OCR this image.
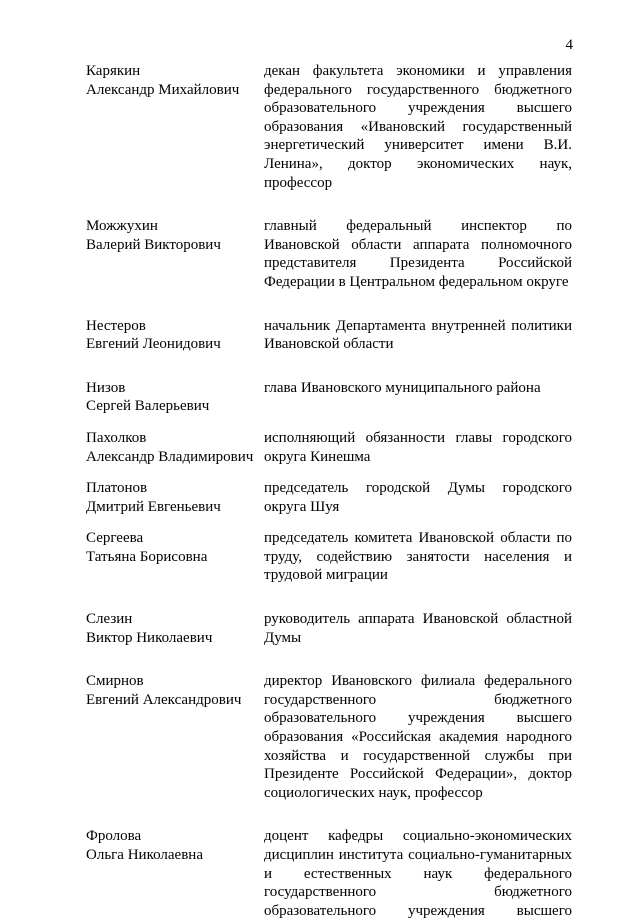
4
Карякин
Александр Михайлович
декан факультета экономики и управления федерального государственного бюджетного образовательного учреждения высшего образования «Ивановский государственный энергетический университет имени В.И. Ленина», доктор экономических наук, профессор
Можжухин
Валерий Викторович
главный федеральный инспектор по Ивановской области аппарата полномочного представителя Президента Российской Федерации в Центральном федеральном округе
Нестеров
Евгений Леонидович
начальник Департамента внутренней политики Ивановской области
Низов
Сергей Валерьевич
глава Ивановского муниципального района
Пахолков
Александр Владимирович
исполняющий обязанности главы городского округа Кинешма
Платонов
Дмитрий Евгеньевич
председатель городской Думы городского округа Шуя
Сергеева
Татьяна Борисовна
председатель комитета Ивановской области по труду, содействию занятости населения и трудовой миграции
Слезин
Виктор Николаевич
руководитель аппарата Ивановской областной Думы
Смирнов
Евгений Александрович
директор Ивановского филиала федерального государственного бюджетного образовательного учреждения высшего образования «Российская академия народного хозяйства и государственной службы при Президенте Российской Федерации», доктор социологических наук, профессор
Фролова
Ольга Николаевна
доцент кафедры социально-экономических дисциплин института социально-гуманитарных и естественных наук федерального государственного бюджетного образовательного учреждения высшего
